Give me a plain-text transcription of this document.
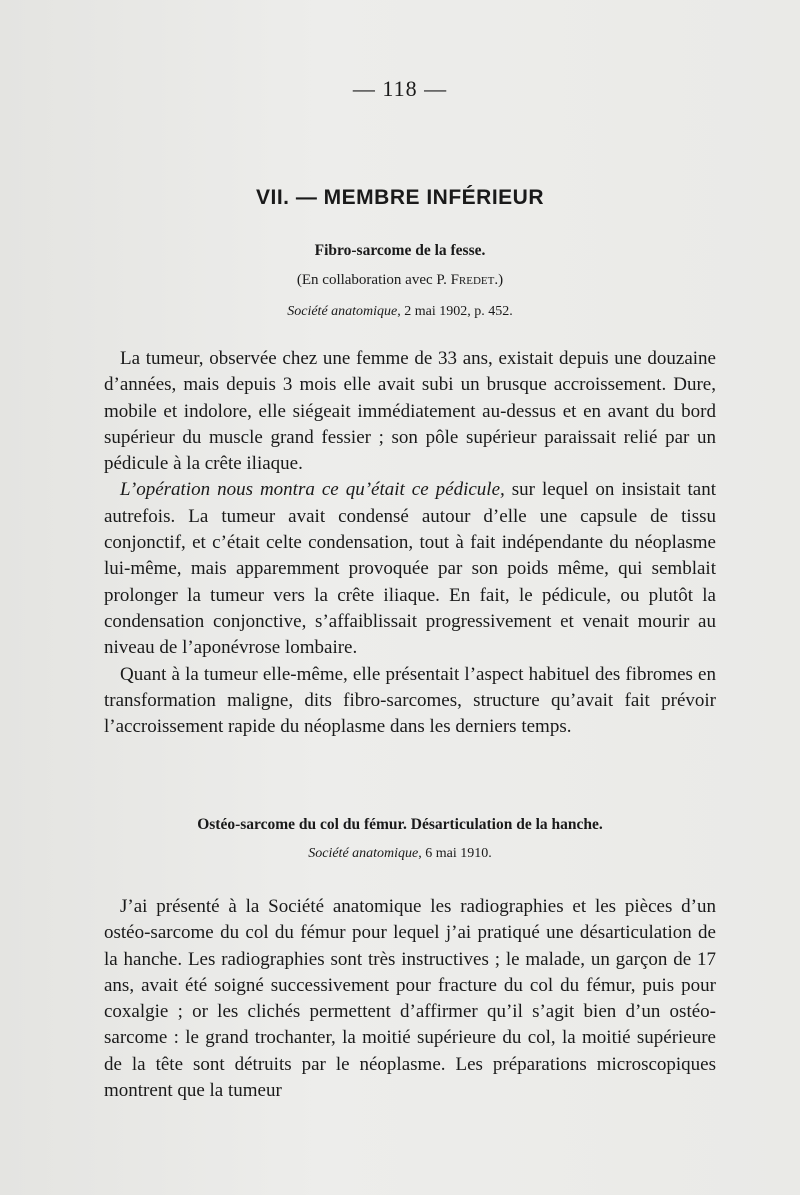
— 118 —
VII. — MEMBRE INFÉRIEUR
Fibro-sarcome de la fesse.
(En collaboration avec P. Fredet.)
Société anatomique, 2 mai 1902, p. 452.

La tumeur, observée chez une femme de 33 ans, existait depuis une douzaine d’années, mais depuis 3 mois elle avait subi un brusque accroissement. Dure, mobile et indolore, elle siégeait immédiatement au-dessus et en avant du bord supérieur du muscle grand fessier ; son pôle supérieur paraissait relié par un pédicule à la crête iliaque.

L’opération nous montra ce qu’était ce pédicule, sur lequel on insistait tant autrefois. La tumeur avait condensé autour d’elle une capsule de tissu conjonctif, et c’était celte condensation, tout à fait indépendante du néoplasme lui-même, mais apparemment provoquée par son poids même, qui semblait prolonger la tumeur vers la crête iliaque. En fait, le pédicule, ou plutôt la condensation conjonctive, s’affaiblissait progressivement et venait mourir au niveau de l’aponévrose lombaire.

Quant à la tumeur elle-même, elle présentait l’aspect habituel des fibromes en transformation maligne, dits fibro-sarcomes, structure qu’avait fait prévoir l’accroissement rapide du néoplasme dans les derniers temps.

Ostéo-sarcome du col du fémur. Désarticulation de la hanche.
Société anatomique, 6 mai 1910.

J’ai présenté à la Société anatomique les radiographies et les pièces d’un ostéo-sarcome du col du fémur pour lequel j’ai pratiqué une désarticulation de la hanche. Les radiographies sont très instructives ; le malade, un garçon de 17 ans, avait été soigné successivement pour fracture du col du fémur, puis pour coxalgie ; or les clichés permettent d’affirmer qu’il s’agit bien d’un ostéo-sarcome : le grand trochanter, la moitié supérieure du col, la moitié supérieure de la tête sont détruits par le néoplasme. Les préparations microscopiques montrent que la tumeur
